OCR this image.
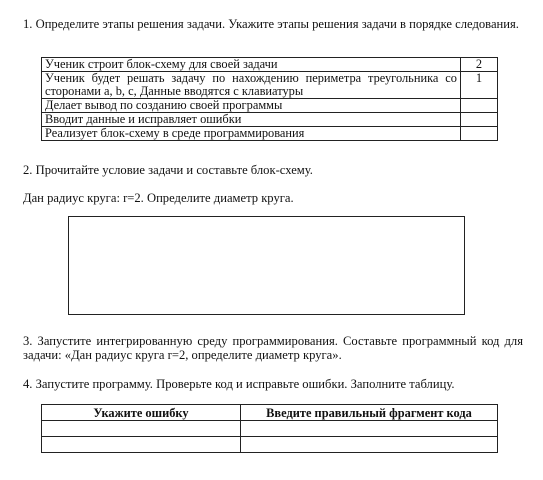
1. Определите этапы решения задачи. Укажите этапы решения задачи в порядке следования.

Ученик строит блок-схему для своей задачи	2
Ученик будет решать задачу по нахождению периметра треугольника со сторонами a, b, c, Данные вводятся с клавиатуры	1
Делает вывод по созданию своей программы	
Вводит данные и исправляет ошибки	
Реализует блок-схему в среде программирования	

2. Прочитайте условие задачи и составьте блок-схему.

Дан радиус круга: r=2. Определите диаметр круга.

3. Запустите интегрированную среду программирования. Составьте программный код для задачи: «Дан радиус круга r=2, определите диаметр круга».

4. Запустите программу. Проверьте код и исправьте ошибки. Заполните таблицу.

Укажите ошибку	Введите правильный фрагмент кода
